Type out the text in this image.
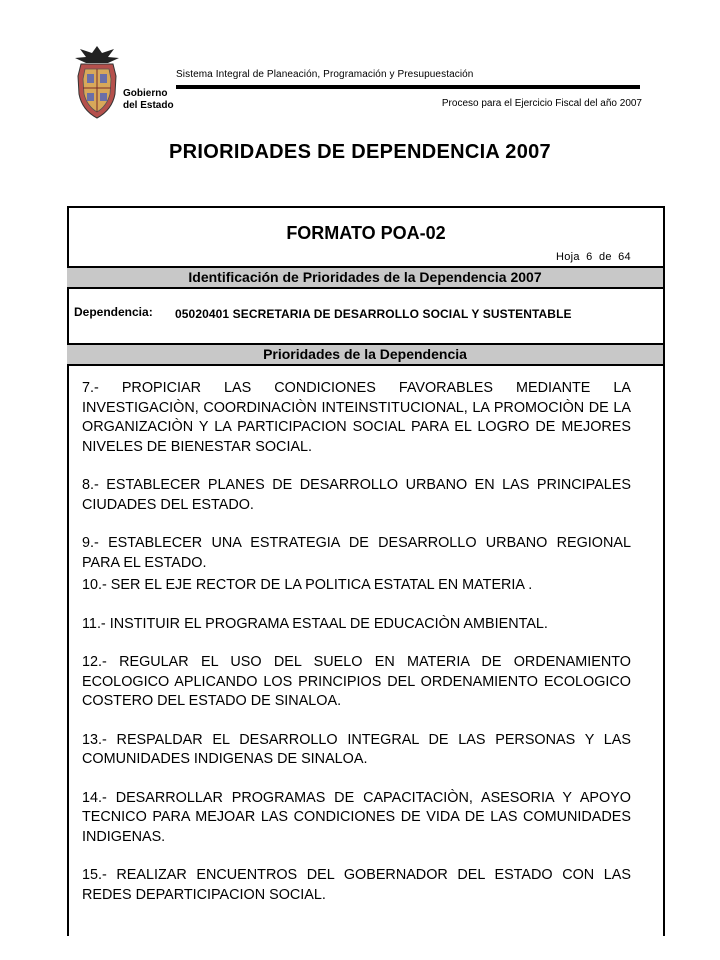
Gobierno
del Estado
Sistema Integral de Planeación, Programación y Presupuestación
Proceso para el Ejercicio Fiscal del año 2007
PRIORIDADES DE DEPENDENCIA 2007
FORMATO POA-02
Hoja 6 de 64
Identificación de Prioridades de la Dependencia 2007
Dependencia: 05020401 SECRETARIA DE DESARROLLO SOCIAL Y SUSTENTABLE
Prioridades de la Dependencia

7.- PROPICIAR LAS CONDICIONES FAVORABLES MEDIANTE LA INVESTIGACIÒN, COORDINACIÒN INTEINSTITUCIONAL, LA PROMOCIÒN DE LA ORGANIZACIÒN Y LA PARTICIPACION SOCIAL PARA EL LOGRO DE MEJORES NIVELES DE BIENESTAR SOCIAL.

8.- ESTABLECER PLANES DE DESARROLLO URBANO EN LAS PRINCIPALES CIUDADES DEL ESTADO.

9.- ESTABLECER UNA ESTRATEGIA DE DESARROLLO URBANO REGIONAL PARA EL ESTADO.

10.- SER EL EJE RECTOR DE LA POLITICA ESTATAL EN MATERIA .

11.- INSTITUIR EL PROGRAMA ESTAAL DE EDUCACIÒN AMBIENTAL.

12.- REGULAR EL USO DEL SUELO EN MATERIA DE ORDENAMIENTO ECOLOGICO APLICANDO LOS PRINCIPIOS DEL ORDENAMIENTO ECOLOGICO COSTERO DEL ESTADO DE SINALOA.

13.- RESPALDAR EL DESARROLLO INTEGRAL DE LAS PERSONAS Y LAS COMUNIDADES INDIGENAS DE SINALOA.

14.- DESARROLLAR PROGRAMAS DE CAPACITACIÒN, ASESORIA Y APOYO TECNICO PARA MEJOAR LAS CONDICIONES DE VIDA DE LAS COMUNIDADES INDIGENAS.

15.- REALIZAR ENCUENTROS DEL GOBERNADOR DEL ESTADO CON LAS REDES DEPARTICIPACION SOCIAL.
